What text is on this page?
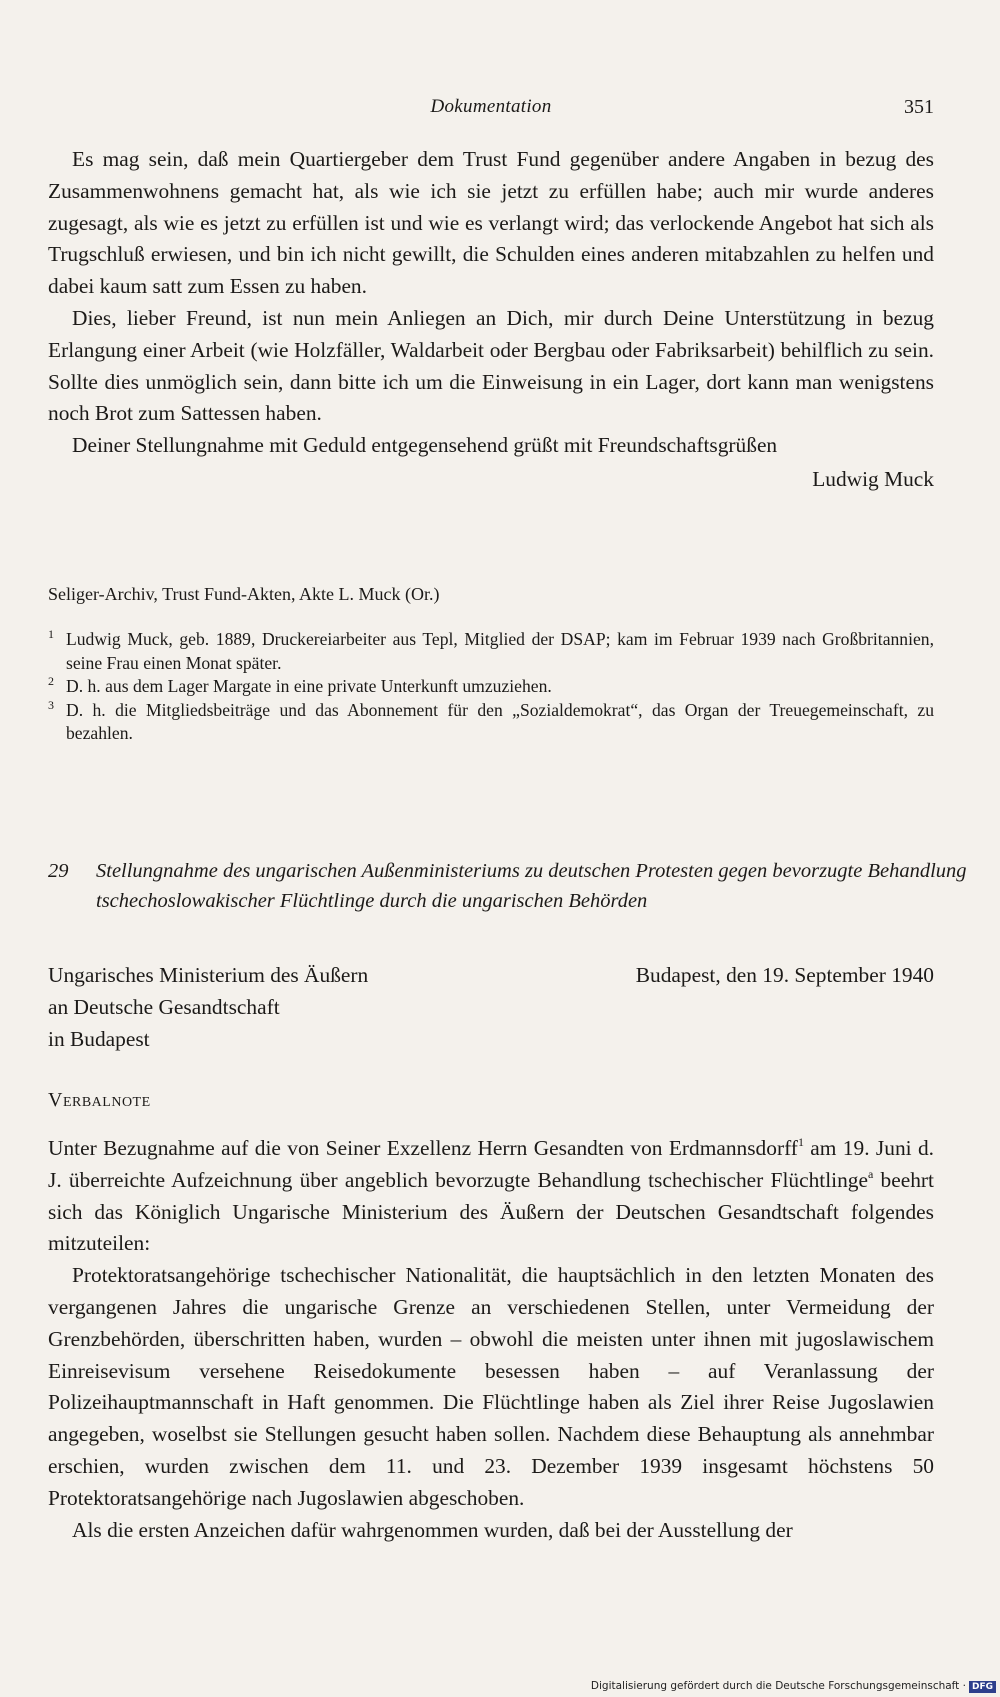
Dokumentation	351

Es mag sein, daß mein Quartiergeber dem Trust Fund gegenüber andere Angaben in bezug des Zusammenwohnens gemacht hat, als wie ich sie jetzt zu erfüllen habe; auch mir wurde anderes zugesagt, als wie es jetzt zu erfüllen ist und wie es verlangt wird; das verlockende Angebot hat sich als Trugschluß erwiesen, und bin ich nicht gewillt, die Schulden eines anderen mitabzahlen zu helfen und dabei kaum satt zum Essen zu haben.

Dies, lieber Freund, ist nun mein Anliegen an Dich, mir durch Deine Unterstützung in bezug Erlangung einer Arbeit (wie Holzfäller, Waldarbeit oder Bergbau oder Fabriksarbeit) behilflich zu sein. Sollte dies unmöglich sein, dann bitte ich um die Einweisung in ein Lager, dort kann man wenigstens noch Brot zum Sattessen haben.

Deiner Stellungnahme mit Geduld entgegensehend grüßt mit Freundschaftsgrüßen

Ludwig Muck
Seliger-Archiv, Trust Fund-Akten, Akte L. Muck (Or.)

1 Ludwig Muck, geb. 1889, Druckereiarbeiter aus Tepl, Mitglied der DSAP; kam im Februar 1939 nach Großbritannien, seine Frau einen Monat später.

2 D. h. aus dem Lager Margate in eine private Unterkunft umzuziehen.

3 D. h. die Mitgliedsbeiträge und das Abonnement für den „Sozialdemokrat“, das Organ der Treuegemeinschaft, zu bezahlen.

29 Stellungnahme des ungarischen Außenministeriums zu deutschen Protesten gegen bevorzugte Behandlung tschechoslowakischer Flüchtlinge durch die ungarischen Behörden
Ungarisches Ministerium des Äußern	Budapest, den 19. September 1940
an Deutsche Gesandtschaft
in Budapest
Verbalnote

Unter Bezugnahme auf die von Seiner Exzellenz Herrn Gesandten von Erdmannsdorff$^1$ am 19. Juni d. J. überreichte Aufzeichnung über angeblich bevorzugte Behandlung tschechischer Flüchtlinge$^a$ beehrt sich das Königlich Ungarische Ministerium des Äußern der Deutschen Gesandtschaft folgendes mitzuteilen:

Protektoratsangehörige tschechischer Nationalität, die hauptsächlich in den letzten Monaten des vergangenen Jahres die ungarische Grenze an verschiedenen Stellen, unter Vermeidung der Grenzbehörden, überschritten haben, wurden – obwohl die meisten unter ihnen mit jugoslawischem Einreisevisum versehene Reisedokumente besessen haben – auf Veranlassung der Polizeihauptmannschaft in Haft genommen. Die Flüchtlinge haben als Ziel ihrer Reise Jugoslawien angegeben, woselbst sie Stellungen gesucht haben sollen. Nachdem diese Behauptung als annehmbar erschien, wurden zwischen dem 11. und 23. Dezember 1939 insgesamt höchstens 50 Protektoratsangehörige nach Jugoslawien abgeschoben.

Als die ersten Anzeichen dafür wahrgenommen wurden, daß bei der Ausstellung der

Digitalisierung gefördert durch die Deutsche Forschungsgemeinschaft · DFG
